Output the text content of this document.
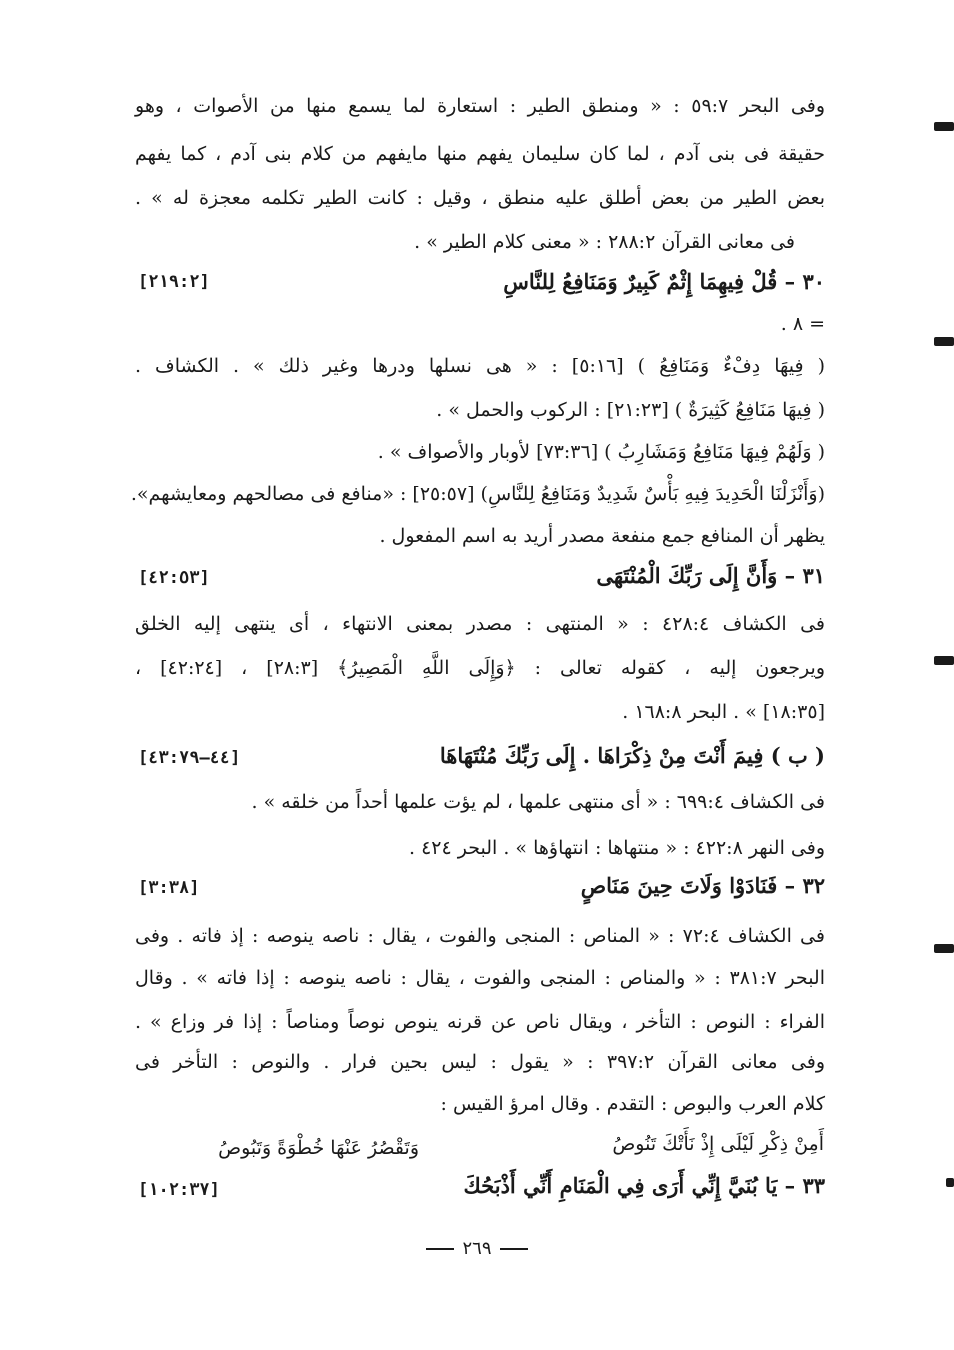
وفى البحر ٥٩:٧ : « ومنطق الطير : استعارة لما يسمع منها من الأصوات ، وهو
حقيقة فى بنى آدم ، لما كان سليمان يفهم منها مايفهم من كلام بنى آدم ، كما يفهم
بعض الطير من بعض أطلق عليه منطق ، وقيل : كانت الطير تكلمه معجزة له » .
فى معانى القرآن ٢٨٨:٢ : « معنى كلام الطير » .
٣٠ – قُلْ فِيهِمَا إِثْمٌ كَبِيرٌ وَمَنَافِعُ لِلنَّاسِ
[٢١٩:٢]
= ٨ .
( فِيهَا دِفْءٌ وَمَنَافِعُ ) [٥:١٦] : « هى نسلها ودرها وغير ذلك » . الكشاف .
( فِيهَا مَنَافِعُ كَثِيرَةٌ ) [٢١:٢٣] : الركوب والحمل » .
( وَلَهُمْ فِيهَا مَنَافِعُ وَمَشَارِبُ ) [٧٣:٣٦] لأوبار والأصواف » .
(وَأَنْزَلْنَا الْحَدِيدَ فِيهِ بَأْسٌ شَدِيدٌ وَمَنَافِعُ لِلنَّاسِ) [٢٥:٥٧] : «منافع فى مصالحهم ومعايشهم».
يظهر أن المنافع جمع منفعة مصدر أريد به اسم المفعول .
٣١ – وَأَنَّ إِلَى رَبِّكَ الْمُنْتَهَى
[٤٢:٥٣]
فى الكشاف ٤٢٨:٤ : « المنتهى : مصدر بمعنى الانتهاء ، أى ينتهى إليه الخلق
ويرجعون إليه ، كقوله تعالى : ﴿وَإِلَى اللَّهِ الْمَصِيرُ﴾ [٢٨:٣] ، [٤٢:٢٤] ،
[١٨:٣٥] » . البحر ١٦٨:٨ .
( ب ) فِيمَ أَنْتَ مِنْ ذِكْرَاهَا . إِلَى رَبِّكَ مُنْتَهَاهَا
[٤٤–٤٣:٧٩]
فى الكشاف ٦٩٩:٤ : « أى منتهى علمها ، لم يؤت علمها أحداً من خلقه » .
وفى النهر ٤٢٢:٨ : « منتهاها : انتهاؤها » . البحر ٤٢٤ .
٣٢ – فَنَادَوْا وَلَاتَ حِينَ مَنَاصٍ
[٣:٣٨]
فى الكشاف ٧٢:٤ : « المناص : المنجى والفوت ، يقال : ناصه ينوصه : إذ فاته . وفى
البحر ٣٨١:٧ : « والمناص : المنجى والفوت ، يقال : ناصه ينوصه : إذا فاته » . وقال
الفراء : النوص : التأخر ، ويقال ناص عن قرنه ينوص نوصاً ومناصاً : إذا فر وزاع » .
وفى معانى القرآن ٣٩٧:٢ : « يقول : ليس بحين فرار . والنوص : التأخر فى
كلام العرب والبوص : التقدم . وقال امرؤ القيس :
أَمِنْ ذِكْرِ لَيْلَى إِذْ نَأَتْكَ تَنُوصُ
وَتَقْصُرُ عَنْهَا خُطْوَةً وَتَبُوصُ
٣٣ – يَا بُنَيَّ إِنِّي أَرَى فِي الْمَنَامِ أَنِّي أَذْبَحُكَ
[١٠٢:٣٧]
٢٦٩
